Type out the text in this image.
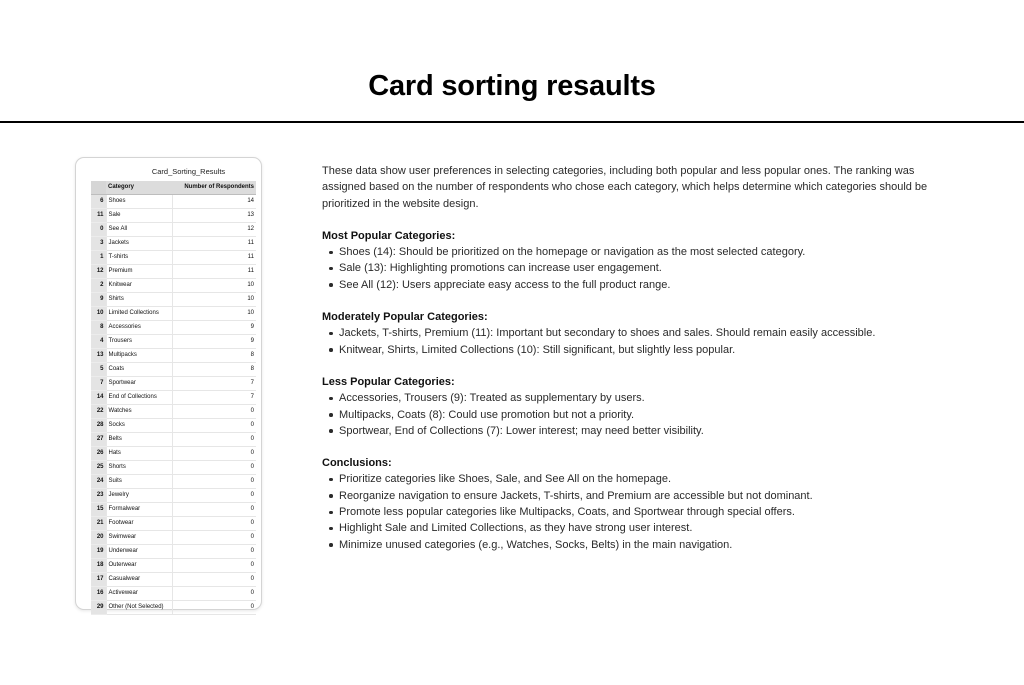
Card sorting resaults
Card_Sorting_Results
	Category	Number of Respondents
6	Shoes	14
11	Sale	13
0	See All	12
3	Jackets	11
1	T-shirts	11
12	Premium	11
2	Knitwear	10
9	Shirts	10
10	Limited Collections	10
8	Accessories	9
4	Trousers	9
13	Multipacks	8
5	Coats	8
7	Sportwear	7
14	End of Collections	7
22	Watches	0
28	Socks	0
27	Belts	0
26	Hats	0
25	Shorts	0
24	Suits	0
23	Jewelry	0
15	Formalwear	0
21	Footwear	0
20	Swimwear	0
19	Underwear	0
18	Outerwear	0
17	Casualwear	0
16	Activewear	0
29	Other (Not Selected)	0

These data show user preferences in selecting categories, including both popular and less popular ones. The ranking was assigned based on the number of respondents who chose each category, which helps determine which categories should be prioritized in the website design.

Most Popular Categories:
Shoes (14): Should be prioritized on the homepage or navigation as the most selected category.
Sale (13): Highlighting promotions can increase user engagement.
See All (12): Users appreciate easy access to the full product range.
Moderately Popular Categories:
Jackets, T-shirts, Premium (11): Important but secondary to shoes and sales. Should remain easily accessible.
Knitwear, Shirts, Limited Collections (10): Still significant, but slightly less popular.
Less Popular Categories:
Accessories, Trousers (9): Treated as supplementary by users.
Multipacks, Coats (8): Could use promotion but not a priority.
Sportwear, End of Collections (7): Lower interest; may need better visibility.
Conclusions:
Prioritize categories like Shoes, Sale, and See All on the homepage.
Reorganize navigation to ensure Jackets, T-shirts, and Premium are accessible but not dominant.
Promote less popular categories like Multipacks, Coats, and Sportwear through special offers.
Highlight Sale and Limited Collections, as they have strong user interest.
Minimize unused categories (e.g., Watches, Socks, Belts) in the main navigation.
